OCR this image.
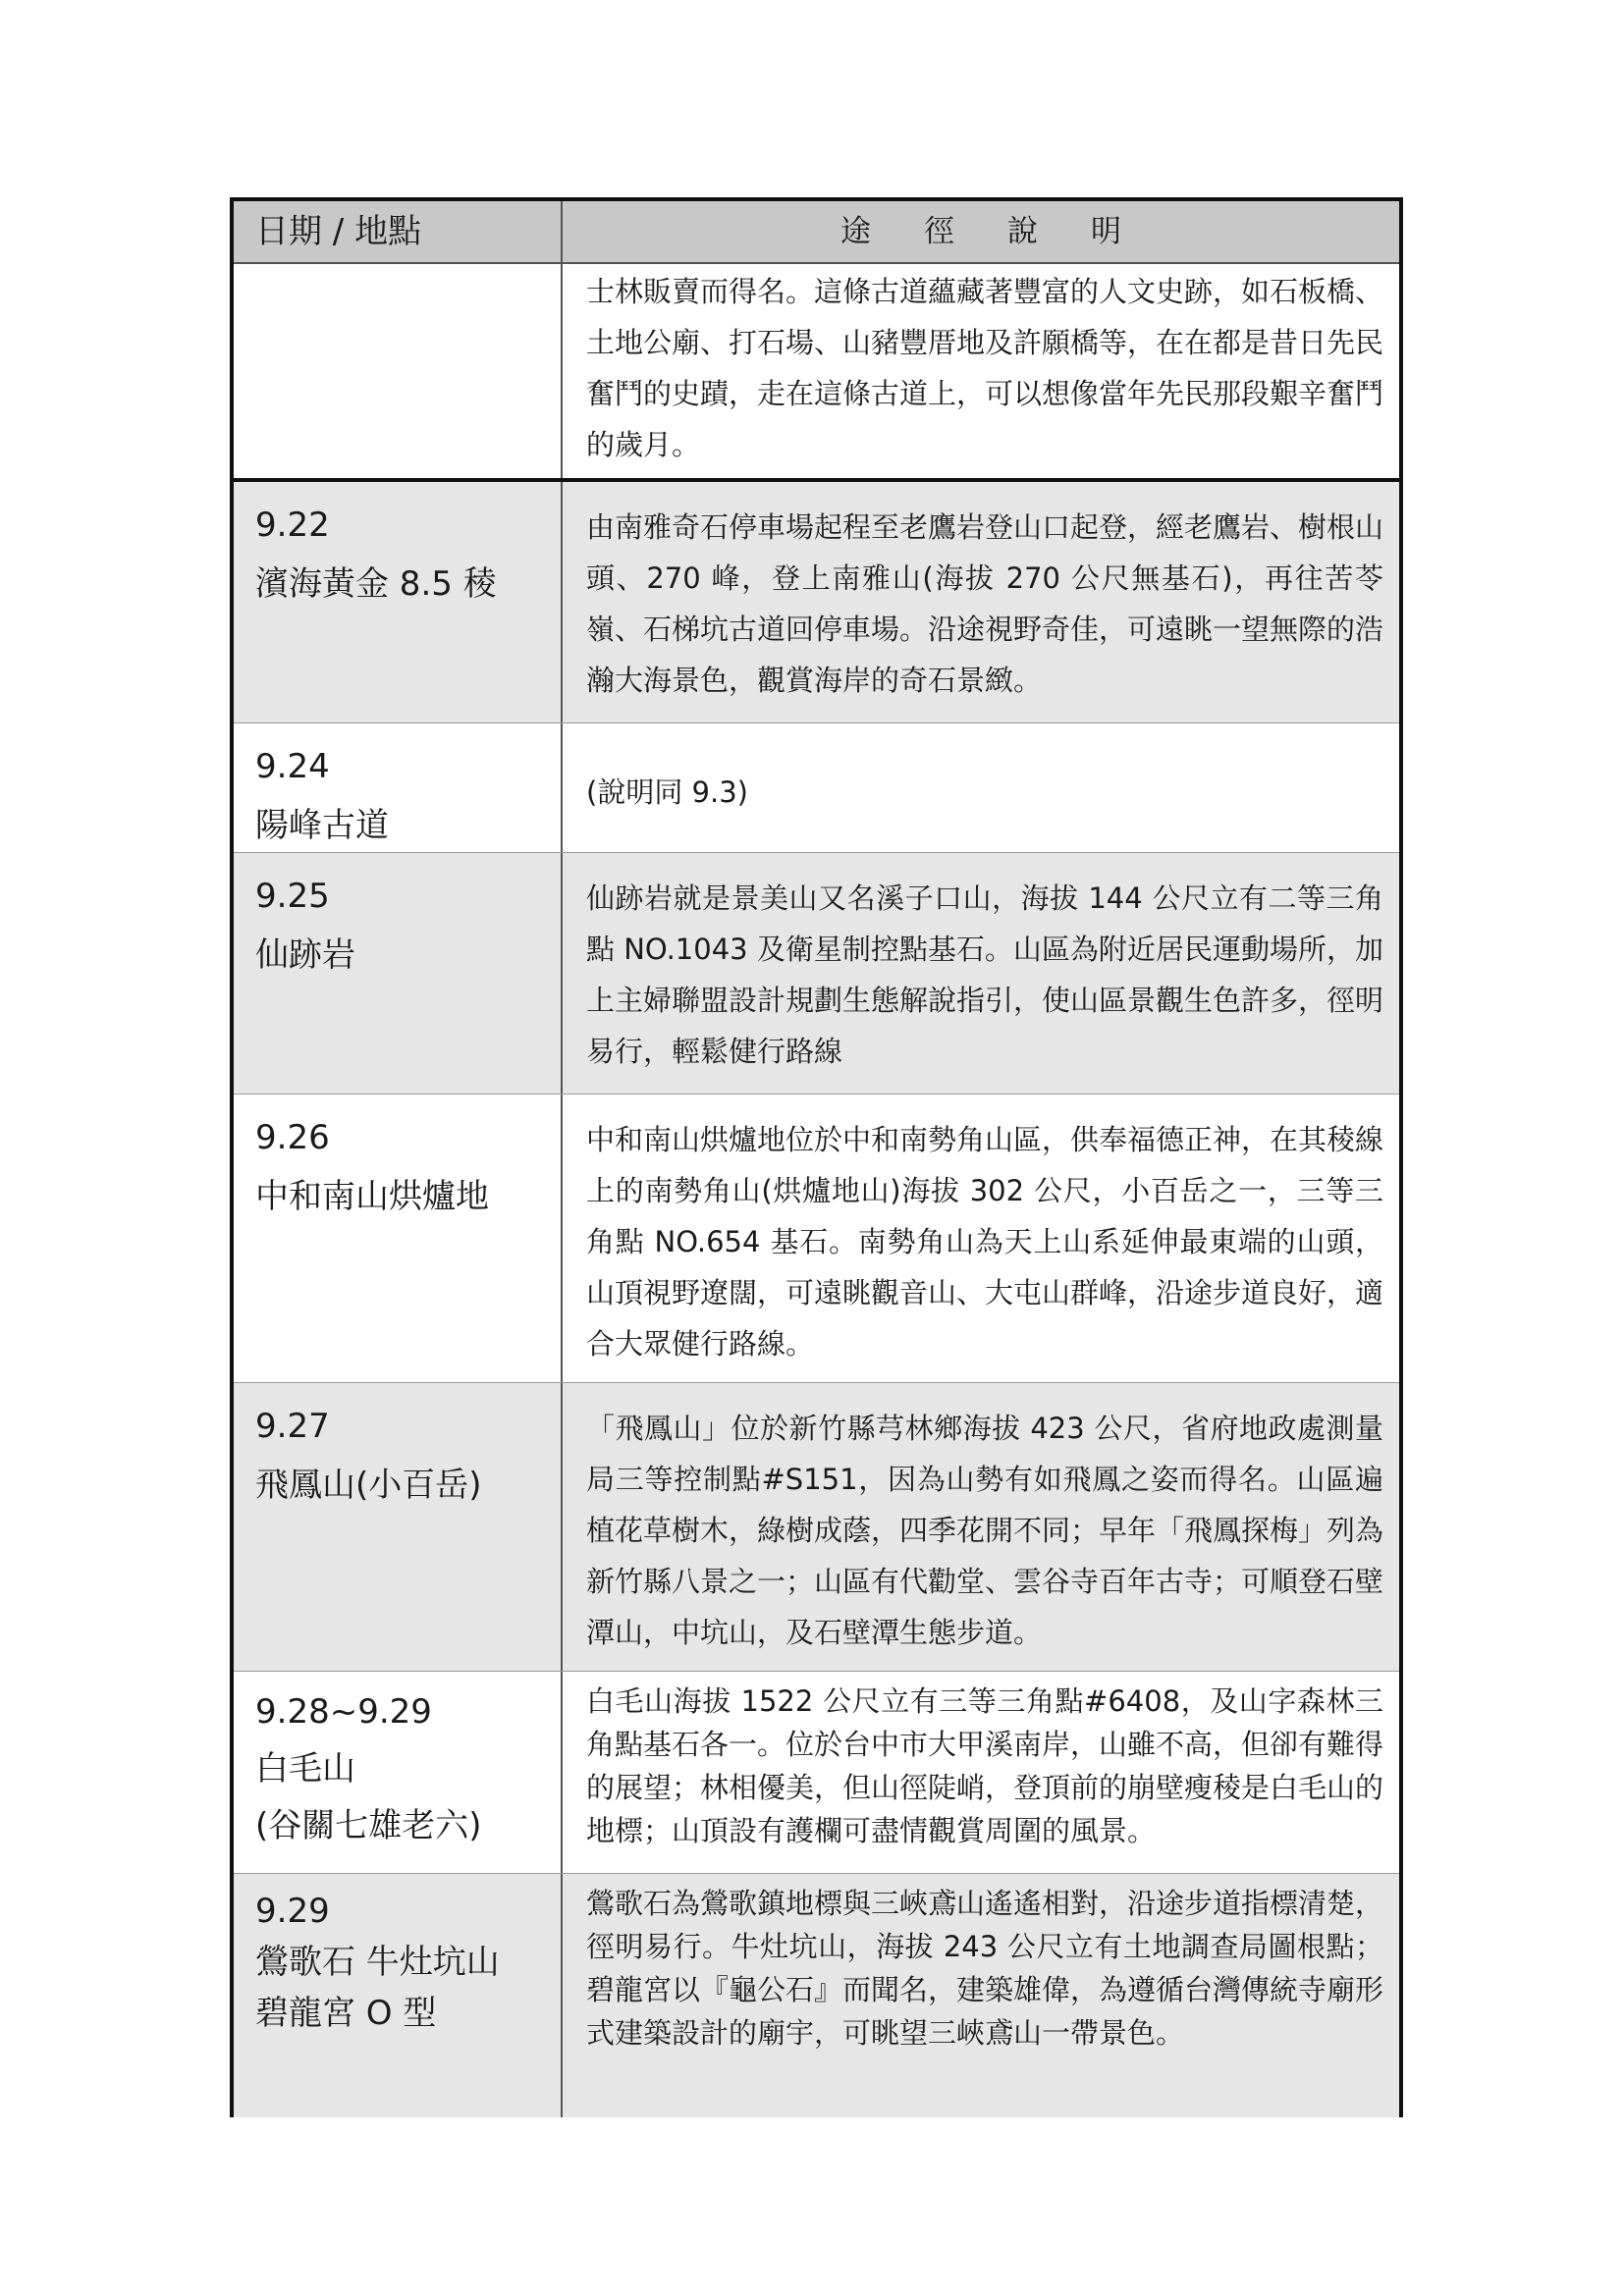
日期 / 地點	途徑說明
士林販賣而得名。這條古道蘊藏著豐富的人文史跡，如石板橋、土地公廟、打石場、山豬豐厝地及許願橋等，在在都是昔日先民奮鬥的史蹟，走在這條古道上，可以想像當年先民那段艱辛奮鬥的歲月。
9.22
濱海黃金 8.5 稜
由南雅奇石停車場起程至老鷹岩登山口起登，經老鷹岩、樹根山頭、270 峰，登上南雅山(海拔 270 公尺無基石)，再往苦苓嶺、石梯坑古道回停車場。沿途視野奇佳，可遠眺一望無際的浩瀚大海景色，觀賞海岸的奇石景緻。
9.24
陽峰古道
(說明同 9.3)
9.25
仙跡岩
仙跡岩就是景美山又名溪子口山，海拔 144 公尺立有二等三角點 NO.1043 及衛星制控點基石。山區為附近居民運動場所，加上主婦聯盟設計規劃生態解說指引，使山區景觀生色許多，徑明易行，輕鬆健行路線
9.26
中和南山烘爐地
中和南山烘爐地位於中和南勢角山區，供奉福德正神，在其稜線上的南勢角山(烘爐地山)海拔 302 公尺，小百岳之一，三等三角點 NO.654 基石。南勢角山為天上山系延伸最東端的山頭，山頂視野遼闊，可遠眺觀音山、大屯山群峰，沿途步道良好，適合大眾健行路線。
9.27
飛鳳山(小百岳)
「飛鳳山」位於新竹縣芎林鄉海拔 423 公尺，省府地政處測量局三等控制點#S151，因為山勢有如飛鳳之姿而得名。山區遍植花草樹木，綠樹成蔭，四季花開不同；早年「飛鳳探梅」列為新竹縣八景之一；山區有代勸堂、雲谷寺百年古寺；可順登石壁潭山，中坑山，及石壁潭生態步道。
9.28~9.29
白毛山
(谷關七雄老六)
白毛山海拔 1522 公尺立有三等三角點#6408，及山字森林三角點基石各一。位於台中市大甲溪南岸，山雖不高，但卻有難得的展望；林相優美，但山徑陡峭，登頂前的崩壁瘦稜是白毛山的地標；山頂設有護欄可盡情觀賞周圍的風景。
9.29
鶯歌石 牛灶坑山
碧龍宮 O 型
鶯歌石為鶯歌鎮地標與三峽鳶山遙遙相對，沿途步道指標清楚，徑明易行。牛灶坑山，海拔 243 公尺立有土地調查局圖根點；碧龍宮以『龜公石』而聞名，建築雄偉，為遵循台灣傳統寺廟形式建築設計的廟宇，可眺望三峽鳶山一帶景色。
